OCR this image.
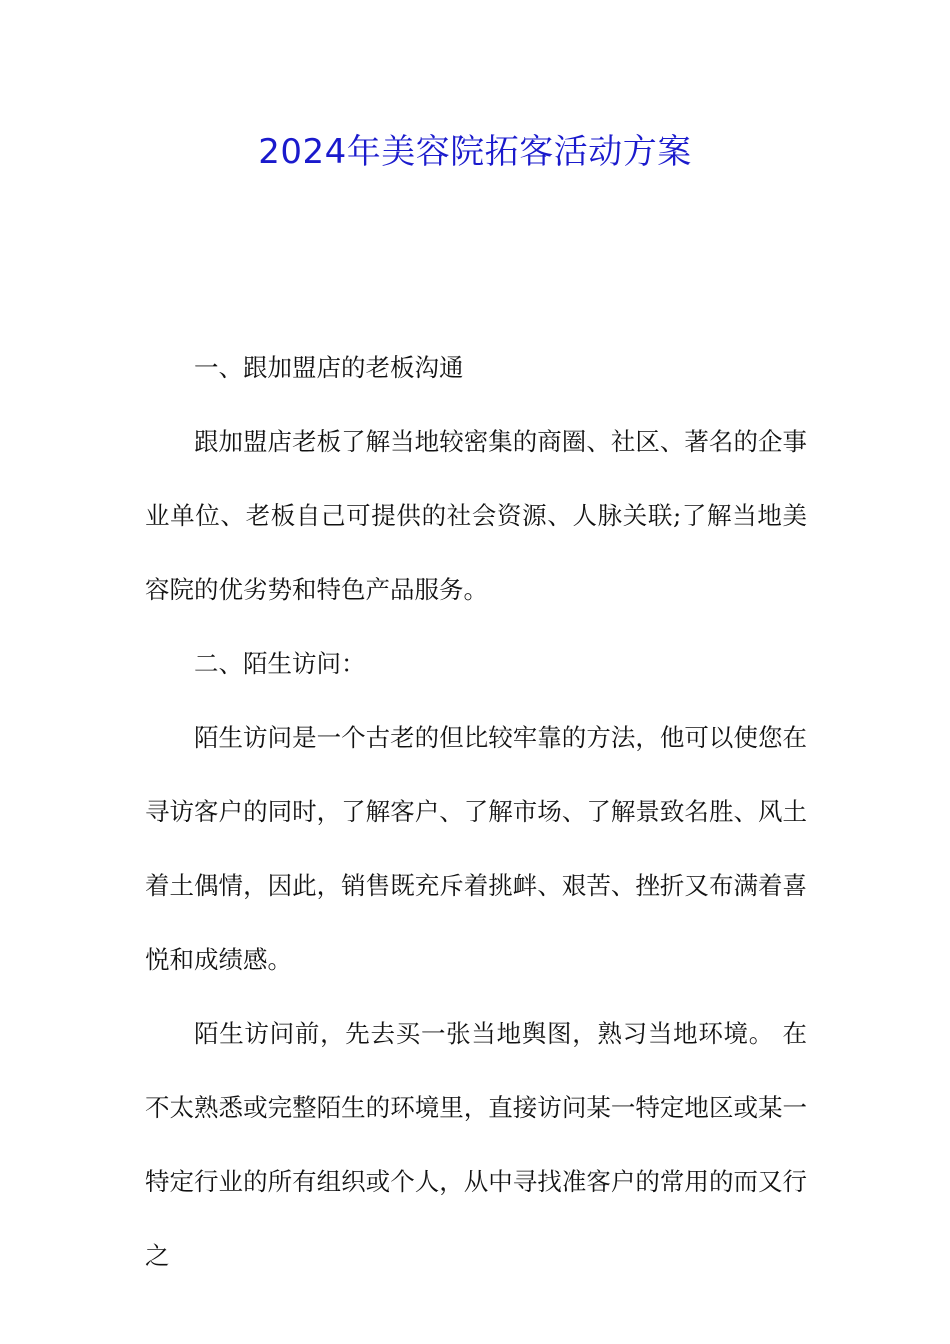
2024年美容院拓客活动方案

一、跟加盟店的老板沟通

跟加盟店老板了解当地较密集的商圈、社区、著名的企事业单位、老板自己可提供的社会资源、人脉关联;了解当地美容院的优劣势和特色产品服务。

二、陌生访问：

陌生访问是一个古老的但比较牢靠的方法，他可以使您在寻访客户的同时，了解客户、了解市场、了解景致名胜、风土着土偶情，因此，销售既充斥着挑衅、艰苦、挫折又布满着喜悦和成绩感。

陌生访问前，先去买一张当地舆图，熟习当地环境。 在不太熟悉或完整陌生的环境里，直接访问某一特定地区或某一特定行业的所有组织或个人，从中寻找准客户的常用的而又行之
